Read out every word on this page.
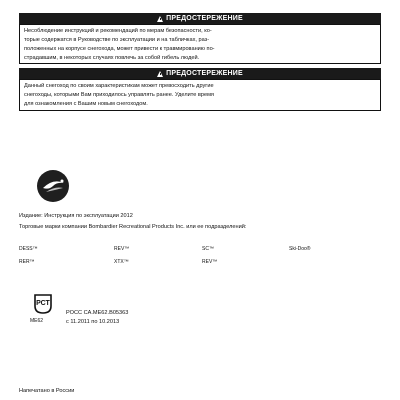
ПРЕДОСТЕРЕЖЕНИЕ
Несоблюдение инструкций и рекомендаций по мерам безопасности, ко-
торые содержатся в Руководстве по эксплуатации и на табличках, раз-
положенных на корпусе снегохода, может привести к травмированию по-
страдавшим, в некоторых случаях повлечь за собой гибель людей.
ПРЕДОСТЕРЕЖЕНИЕ
Данный снегоход по своим характеристикам может превосходить другие
снегоходы, которыми Вам приходилось управлять ранее. Уделите время
для ознакомления с Вашим новым снегоходом.
Издание: Инструкция по эксплуатации 2012
Торговые марки компании Bombardier Recreational Products Inc. или ее подразделений:
DESS™	REV™	SC™	Ski-Doo®
RER™	XTX™	REV™
РСТ
ME62
РОСС CA.ME62.B05363
с 11.2011 по 10.2013
Напечатано в России
